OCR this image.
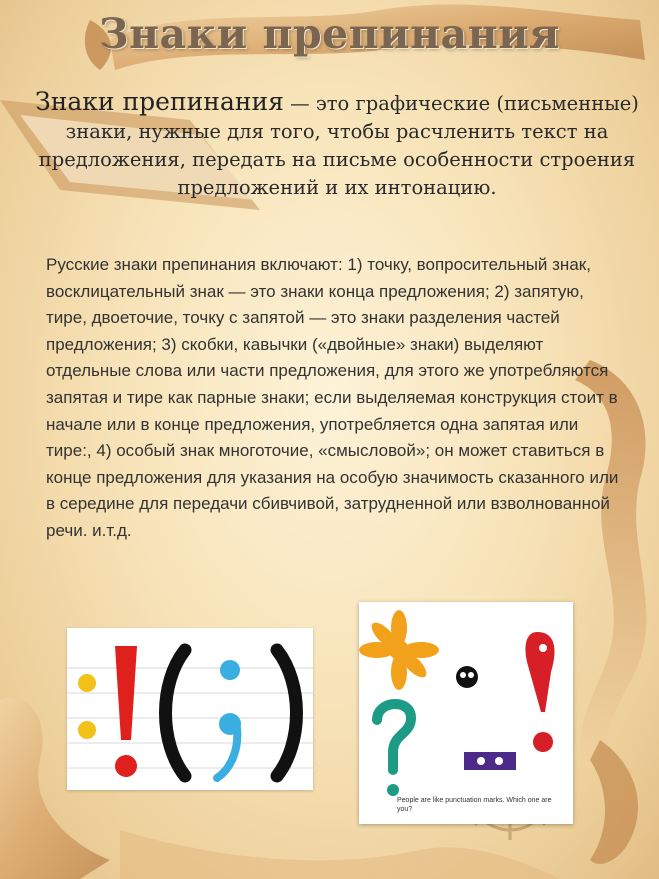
Знаки препинания
Знаки препинания — это графические (письменные) знаки, нужные для того, чтобы расчленить текст на предложения, передать на письме особенности строения предложений и их интонацию.
Русские знаки препинания включают: 1) точку, вопросительный знак, восклицательный знак — это знаки конца предложения; 2) запятую, тире, двоеточие, точку с запятой — это знаки разделения частей предложения; 3) скобки, кавычки («двойные» знаки) выделяют отдельные слова или части предложения, для этого же употребляются запятая и тире как парные знаки; если выделяемая конструкция стоит в начале или в конце предложения, употребляется одна запятая или тире:, 4) особый знак многоточие, «смысловой»; он может ставиться в конце предложения для указания на особую значимость сказанного или в середине для передачи сбивчивой, затрудненной или взволнованной речи. и.т.д.
People are like punctuation marks. Which one are you?
